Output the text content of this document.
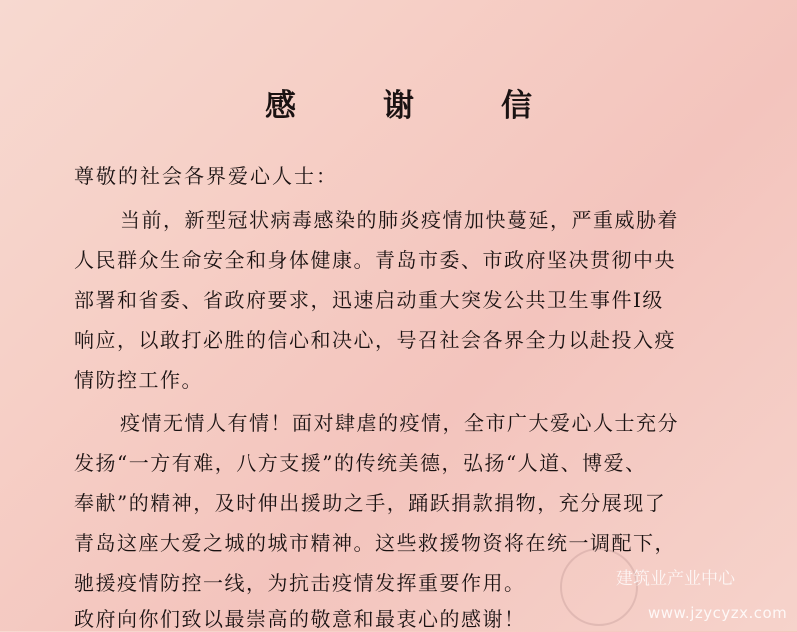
感　谢　信
尊敬的社会各界爱心人士：
当前，新型冠状病毒感染的肺炎疫情加快蔓延，严重威胁着
人民群众生命安全和身体健康。青岛市委、市政府坚决贯彻中央
部署和省委、省政府要求，迅速启动重大突发公共卫生事件Ⅰ级
响应，以敢打必胜的信心和决心，号召社会各界全力以赴投入疫
情防控工作。
疫情无情人有情！面对肆虐的疫情，全市广大爱心人士充分
发扬“一方有难，八方支援”的传统美德，弘扬“人道、博爱、
奉献”的精神，及时伸出援助之手，踊跃捐款捐物，充分展现了
青岛这座大爱之城的城市精神。这些救援物资将在统一调配下，
驰援疫情防控一线，为抗击疫情发挥重要作用。
政府向你们致以最崇高的敬意和最衷心的感谢！
建筑业产业中心
www.jzycyzx.com
